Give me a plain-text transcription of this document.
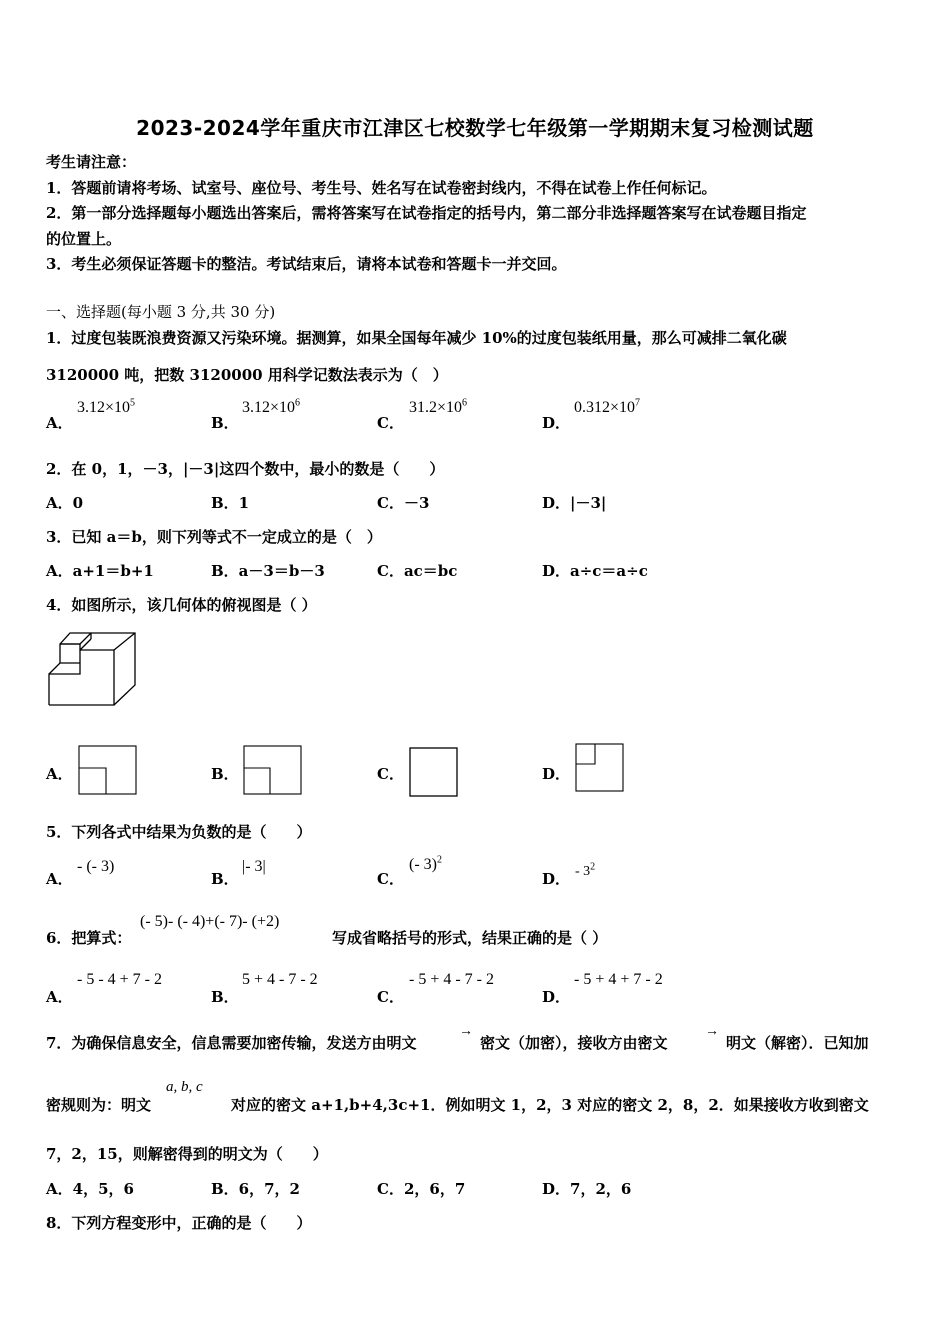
2023-2024学年重庆市江津区七校数学七年级第一学期期末复习检测试题
考生请注意：
1．答题前请将考场、试室号、座位号、考生号、姓名写在试卷密封线内，不得在试卷上作任何标记。
2．第一部分选择题每小题选出答案后，需将答案写在试卷指定的括号内，第二部分非选择题答案写在试卷题目指定
的位置上。
3．考生必须保证答题卡的整洁。考试结束后，请将本试卷和答题卡一并交回。
一、选择题(每小题 3 分,共 30 分)
1．过度包装既浪费资源又污染环境。据测算，如果全国每年减少 10%的过度包装纸用量，那么可减排二氧化碳
3120000 吨，把数 3120000 用科学记数法表示为（　）
A．
$3.12\times 10^5$
B．
$3.12\times 10^6$
C．
$31.2\times 10^6$
D．
$0.312\times 10^7$
2．在 0，1，－3，|－3|这四个数中，最小的数是（　　）
A．0	B．1	C．－3	D．|－3|
3．已知 a＝b，则下列等式不一定成立的是（　）
A．a+1＝b+1	B．a－3＝b－3	C．ac＝bc	D．a÷c＝a÷c
4．如图所示，该几何体的俯视图是（ ）
A．	B．	C．	D．
5．下列各式中结果为负数的是（　　）
A．
- (- 3)
B．
|- 3|
C．
(- 3)$^2$
D． - $3^2$
6．把算式：
(- 5)- (- 4)+(- 7)- (+2)
写成省略括号的形式，结果正确的是（ ）
A．
- 5 - 4 + 7 - 2
B．
5 + 4 - 7 - 2
C．
- 5 + 4 - 7 - 2
D．
- 5 + 4 + 7 - 2
7．为确保信息安全，信息需要加密传输，发送方由明文
→
密文（加密），接收方由密文
→
明文（解密）．已知加
密规则为：明文
a, b, c
对应的密文 a+1,b+4,3c+1．例如明文 1，2，3 对应的密文 2，8，2．如果接收方收到密文
7，2，15，则解密得到的明文为（　　）
A．4，5，6	B．6，7，2	C．2，6，7	D．7，2，6
8．下列方程变形中，正确的是（　　）
